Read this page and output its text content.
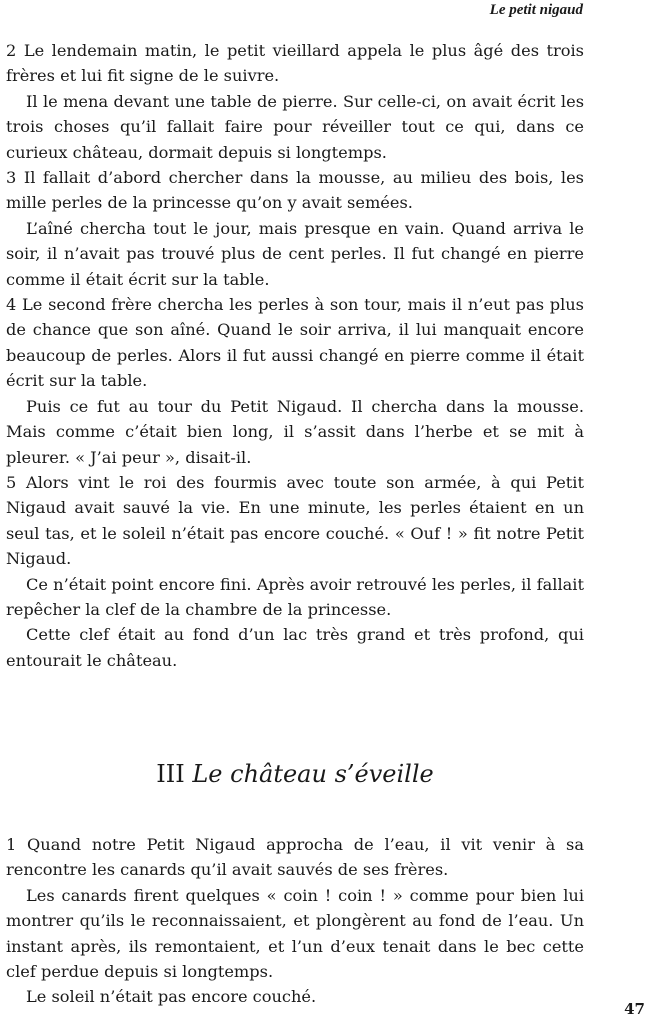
Le petit nigaud

2 Le lendemain matin, le petit vieillard appela le plus âgé des trois frères et lui fit signe de le suivre.

Il le mena devant une table de pierre. Sur celle-ci, on avait écrit les trois choses qu’il fallait faire pour réveiller tout ce qui, dans ce curieux château, dormait depuis si longtemps.

3 Il fallait d’abord chercher dans la mousse, au milieu des bois, les mille perles de la princesse qu’on y avait semées.

L’aîné chercha tout le jour, mais presque en vain. Quand arriva le soir, il n’avait pas trouvé plus de cent perles. Il fut changé en pierre comme il était écrit sur la table.

4 Le second frère chercha les perles à son tour, mais il n’eut pas plus de chance que son aîné. Quand le soir arriva, il lui manquait encore beaucoup de perles. Alors il fut aussi changé en pierre comme il était écrit sur la table.

Puis ce fut au tour du Petit Nigaud. Il chercha dans la mousse. Mais comme c’était bien long, il s’assit dans l’herbe et se mit à pleurer. « J’ai peur », disait-il.

5 Alors vint le roi des fourmis avec toute son armée, à qui Petit Nigaud avait sauvé la vie. En une minute, les perles étaient en un seul tas, et le soleil n’était pas encore couché. « Ouf ! » fit notre Petit Nigaud.

Ce n’était point encore fini. Après avoir retrouvé les perles, il fallait repêcher la clef de la chambre de la princesse.

Cette clef était au fond d’un lac très grand et très profond, qui entourait le château.

III Le château s’éveille

1 Quand notre Petit Nigaud approcha de l’eau, il vit venir à sa rencontre les canards qu’il avait sauvés de ses frères.

Les canards firent quelques « coin ! coin ! » comme pour bien lui montrer qu’ils le reconnaissaient, et plongèrent au fond de l’eau. Un instant après, ils remontaient, et l’un d’eux tenait dans le bec cette clef perdue depuis si longtemps.

Le soleil n’était pas encore couché.

47
